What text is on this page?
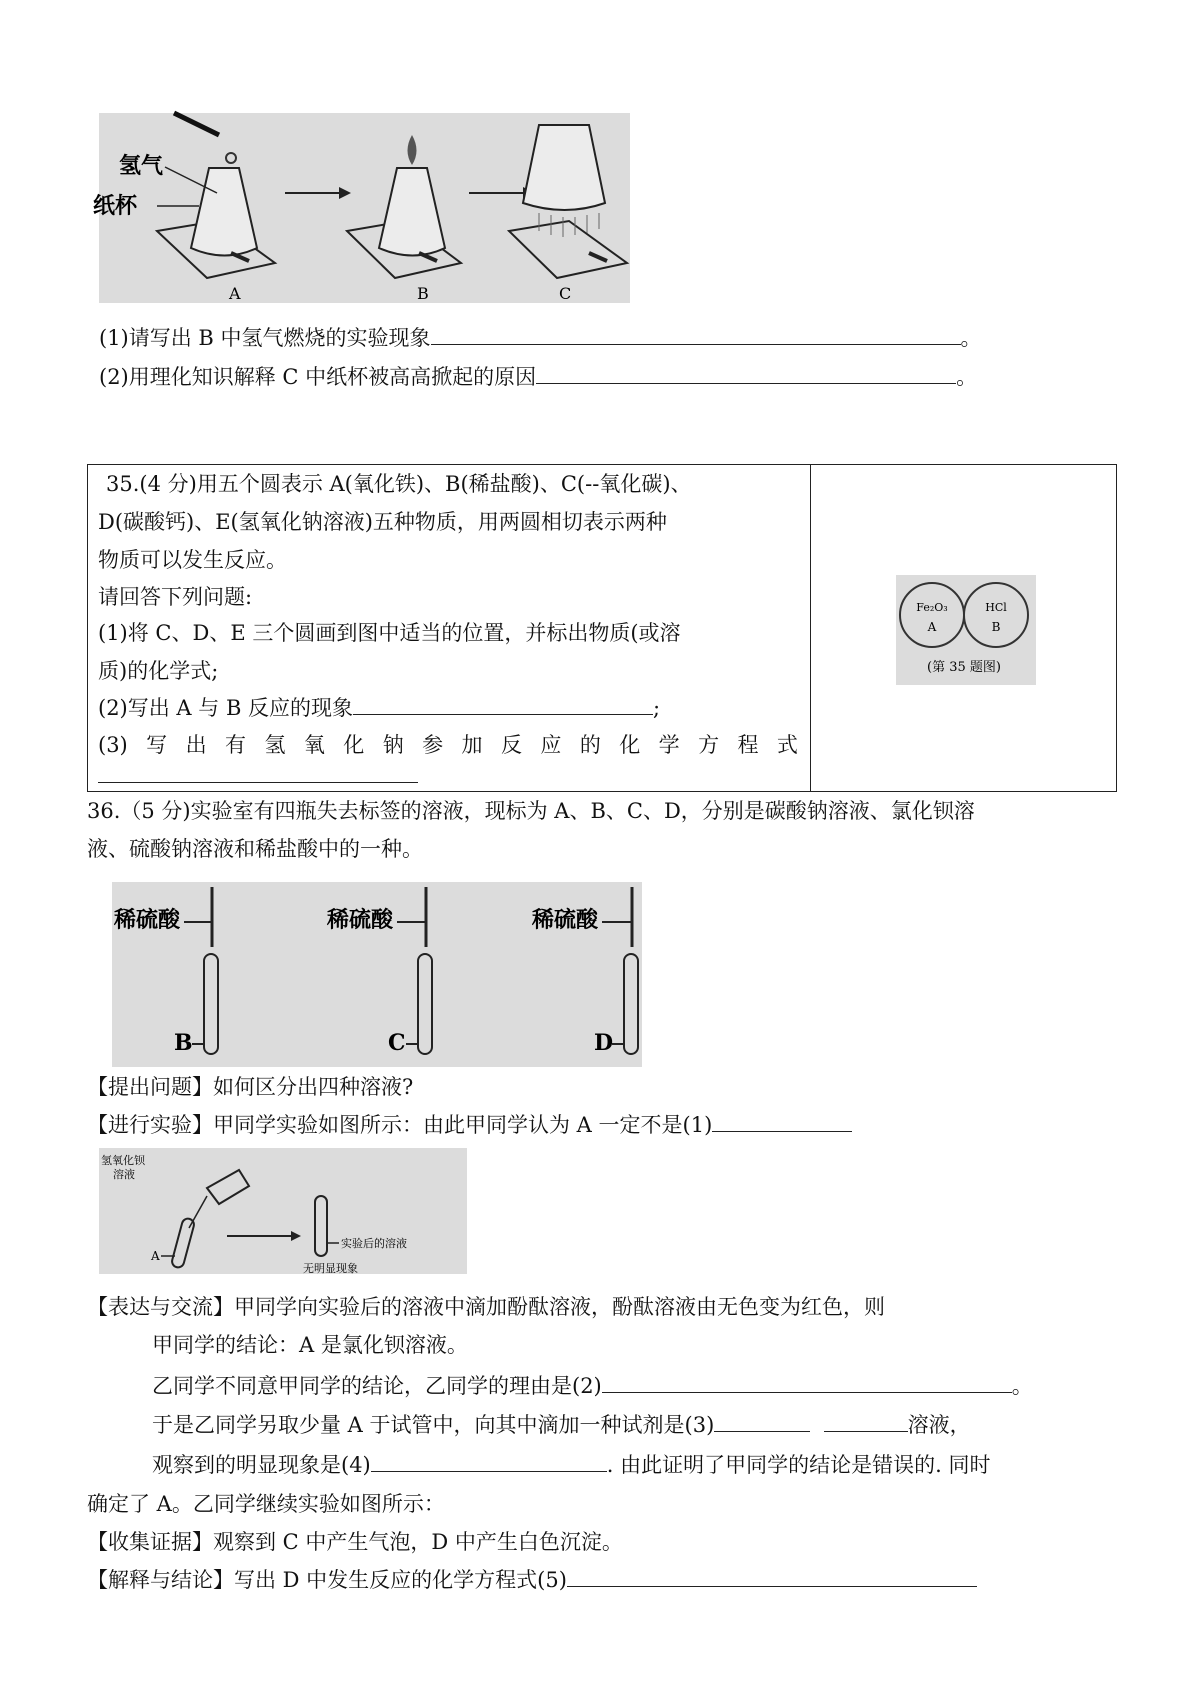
氢气
纸杯
A	B	C
(1)请写出 B 中氢气燃烧的实验现象	。
(2)用理化知识解释 C 中纸杯被高高掀起的原因	。
35.(4 分)用五个圆表示 A(氧化铁)、B(稀盐酸)、C(--氧化碳)、
D(碳酸钙)、E(氢氧化钠溶液)五种物质，用两圆相切表示两种
物质可以发生反应。
请回答下列问题:
(1)将 C、D、E 三个圆画到图中适当的位置，并标出物质(或溶
质)的化学式;
(2)写出 A 与 B 反应的现象	;
(3) 写 出 有 氢 氧 化 钠 参 加 反 应 的 化 学 方 程 式

Fe₂O₃
A
HCl
B
(第 35 题图)
36.（5 分)实验室有四瓶失去标签的溶液，现标为 A、B、C、D，分别是碳酸钠溶液、氯化钡溶
液、硫酸钠溶液和稀盐酸中的一种。
稀硫酸
B
稀硫酸
C
稀硫酸
D
【提出问题】如何区分出四种溶液?
【进行实验】甲同学实验如图所示：由此甲同学认为 A 一定不是(1)
氢氧化钡
溶液
A
实验后的溶液
无明显现象
【表达与交流】甲同学向实验后的溶液中滴加酚酞溶液，酚酞溶液由无色变为红色，则
甲同学的结论：A 是氯化钡溶液。
乙同学不同意甲同学的结论，乙同学的理由是(2)	。
于是乙同学另取少量 A 于试管中，向其中滴加一种试剂是(3)	溶液，
观察到的明显现象是(4)	. 由此证明了甲同学的结论是错误的. 同时
确定了 A。乙同学继续实验如图所示：
【收集证据】观察到 C 中产生气泡，D 中产生白色沉淀。
【解释与结论】写出 D 中发生反应的化学方程式(5)
